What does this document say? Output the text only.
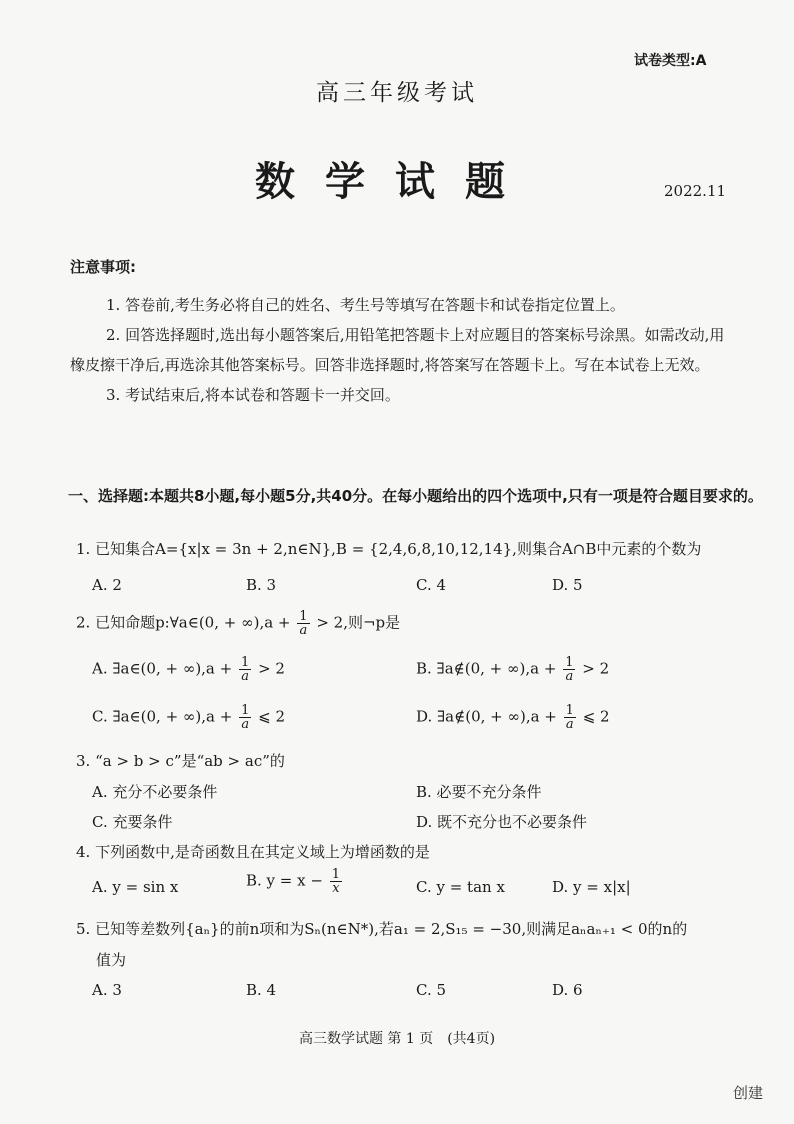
试卷类型:A
高三年级考试
数学试题	2022.11
注意事项:

1. 答卷前,考生务必将自己的姓名、考生号等填写在答题卡和试卷指定位置上。

2. 回答选择题时,选出每小题答案后,用铅笔把答题卡上对应题目的答案标号涂黑。如需改动,用橡皮擦干净后,再选涂其他答案标号。回答非选择题时,将答案写在答题卡上。写在本试卷上无效。

3. 考试结束后,将本试卷和答题卡一并交回。

一、选择题:本题共8小题,每小题5分,共40分。在每小题给出的四个选项中,只有一项是符合题目要求的。
1. 已知集合A={x|x = 3n + 2,n∈N},B = {2,4,6,8,10,12,14},则集合A∩B中元素的个数为
A. 2	B. 3	C. 4	D. 5
2. 已知命题p:∀a∈(0, + $\infty),a + \frac{1}{a} > 2$,则¬p是
A. ∃a∈(0, + $\infty),a + \frac{1}{a} > 2$	B. ∃a∉(0, + $\infty),a + \frac{1}{a} > 2$
C. ∃a∈(0, + $\infty),a + \frac{1}{a}$ ⩽ 2	D. ∃a∉(0, + $\infty),a + \frac{1}{a}$ ⩽ 2
3. “a > b > c”是“ab > ac”的
A. 充分不必要条件	B. 必要不充分条件
C. 充要条件	D. 既不充分也不必要条件
4. 下列函数中,是奇函数且在其定义域上为增函数的是
A. y = sin x	B. $y = x - \frac{1}{x}$	C. y = tan x	D. y = x|x|
5. 已知等差数列{aₙ}的前n项和为Sₙ(n∈N*),若a₁ = 2,S₁₅ = −30,则满足aₙaₙ₊₁ < 0的n的
值为
A. 3	B. 4	C. 5	D. 6
高三数学试题 第 1 页　(共4页)
创建
